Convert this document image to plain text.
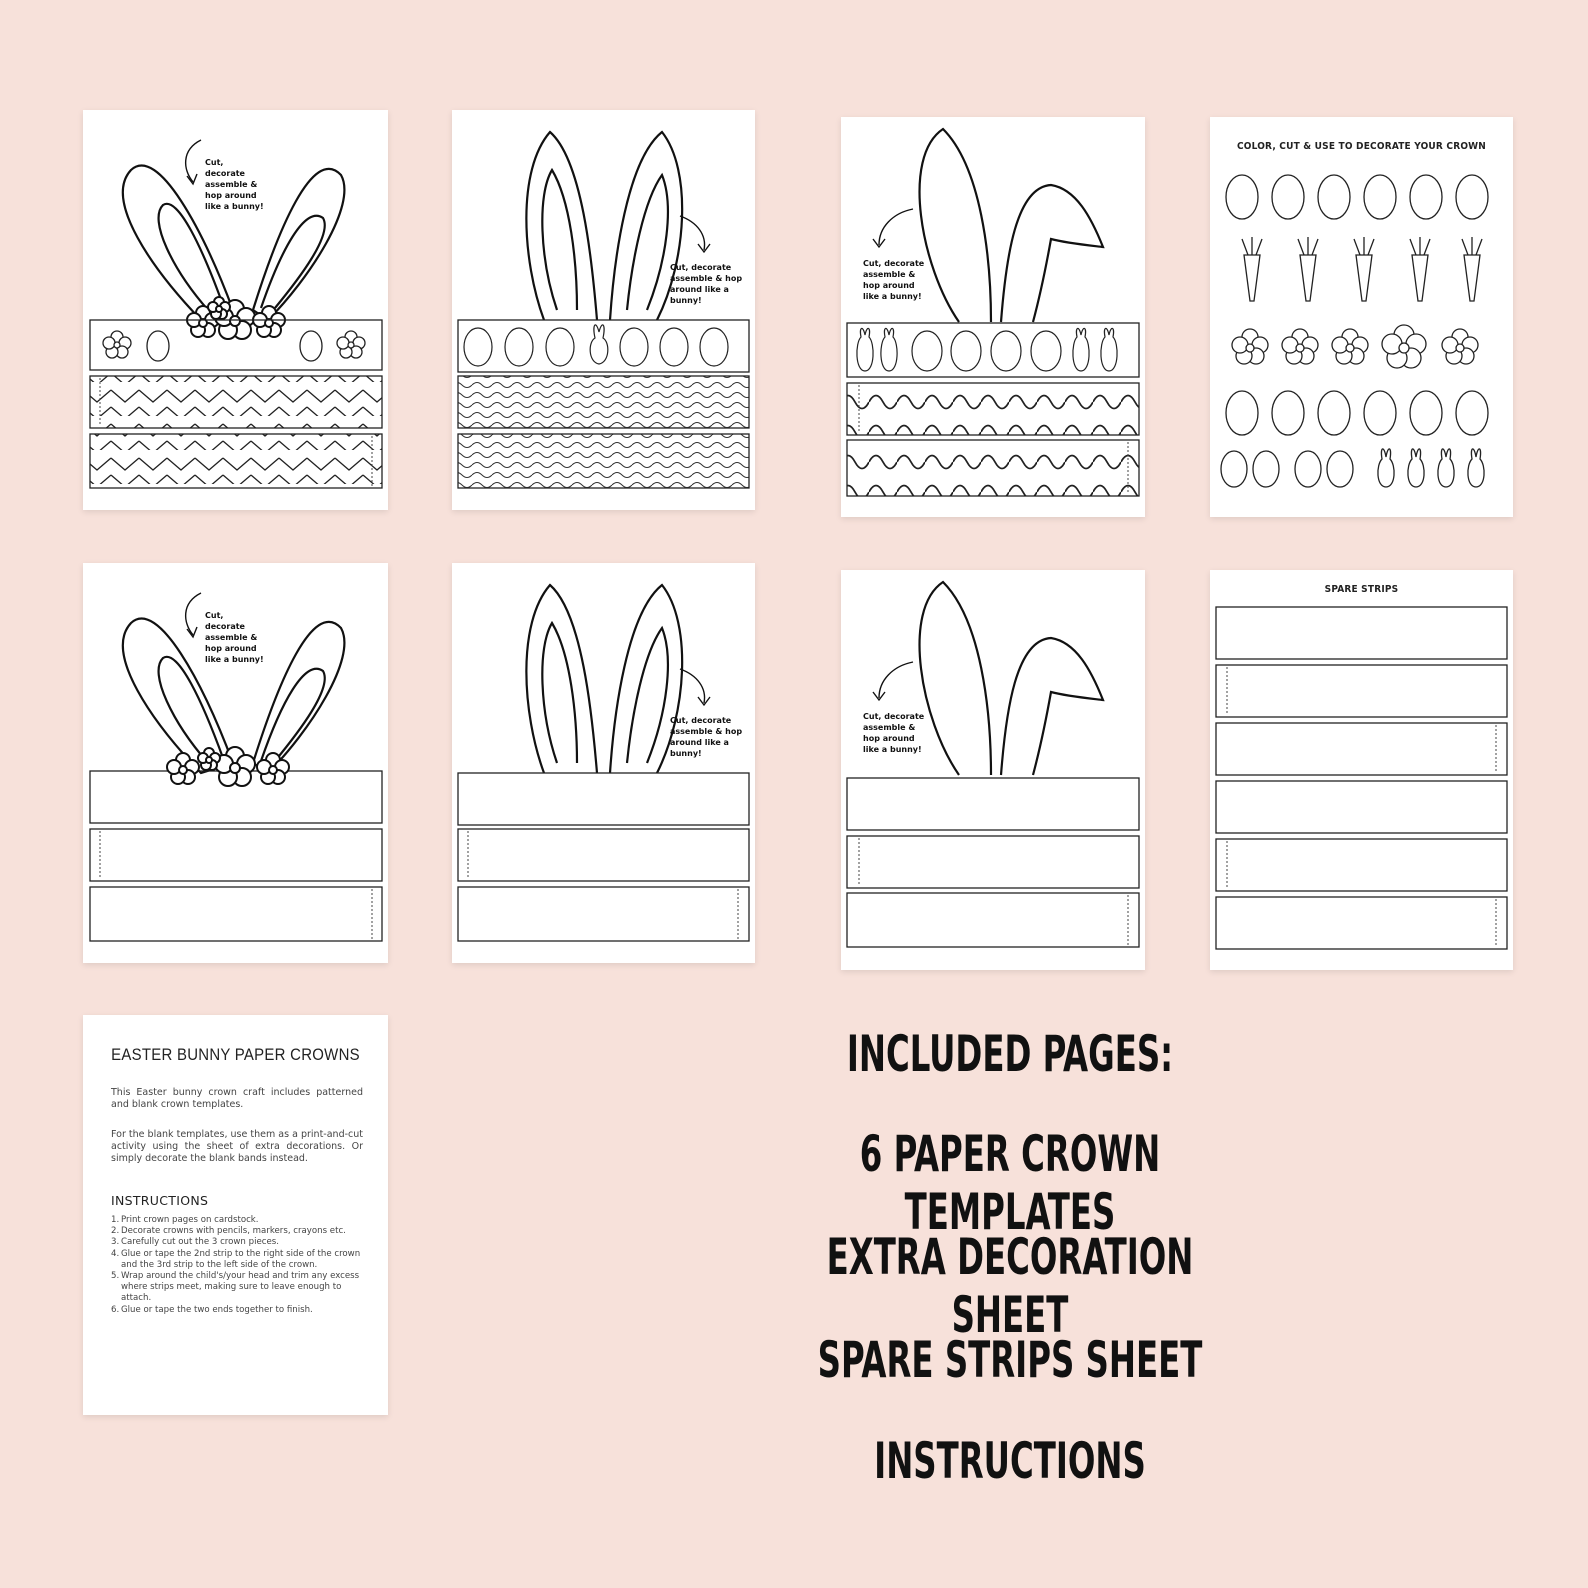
Cut,
decorate
assemble &
hop around
like a bunny!
Cut, decorate
assemble & hop
around like a
bunny!
Cut, decorate
assemble &
hop around
like a bunny!
COLOR, CUT & USE TO DECORATE YOUR CROWN
Cut,
decorate
assemble &
hop around
like a bunny!
Cut, decorate
assemble & hop
around like a
bunny!
Cut, decorate
assemble &
hop around
like a bunny!
SPARE STRIPS
EASTER BUNNY PAPER CROWNS
This Easter bunny crown craft includes patterned and blank crown templates.
For the blank templates, use them as a print-and-cut activity using the sheet of extra decorations. Or simply decorate the blank bands instead.
INSTRUCTIONS
1. Print crown pages on cardstock.
2. Decorate crowns with pencils, markers, crayons etc.
3. Carefully cut out the 3 crown pieces.
4. Glue or tape the 2nd strip to the right side of the crown and the 3rd strip to the left side of the crown.
5. Wrap around the child's/your head and trim any excess where strips meet, making sure to leave enough to attach.
6. Glue or tape the two ends together to finish.
INCLUDED PAGES:
6 PAPER CROWN TEMPLATES
EXTRA DECORATION SHEET
SPARE STRIPS SHEET
INSTRUCTIONS
